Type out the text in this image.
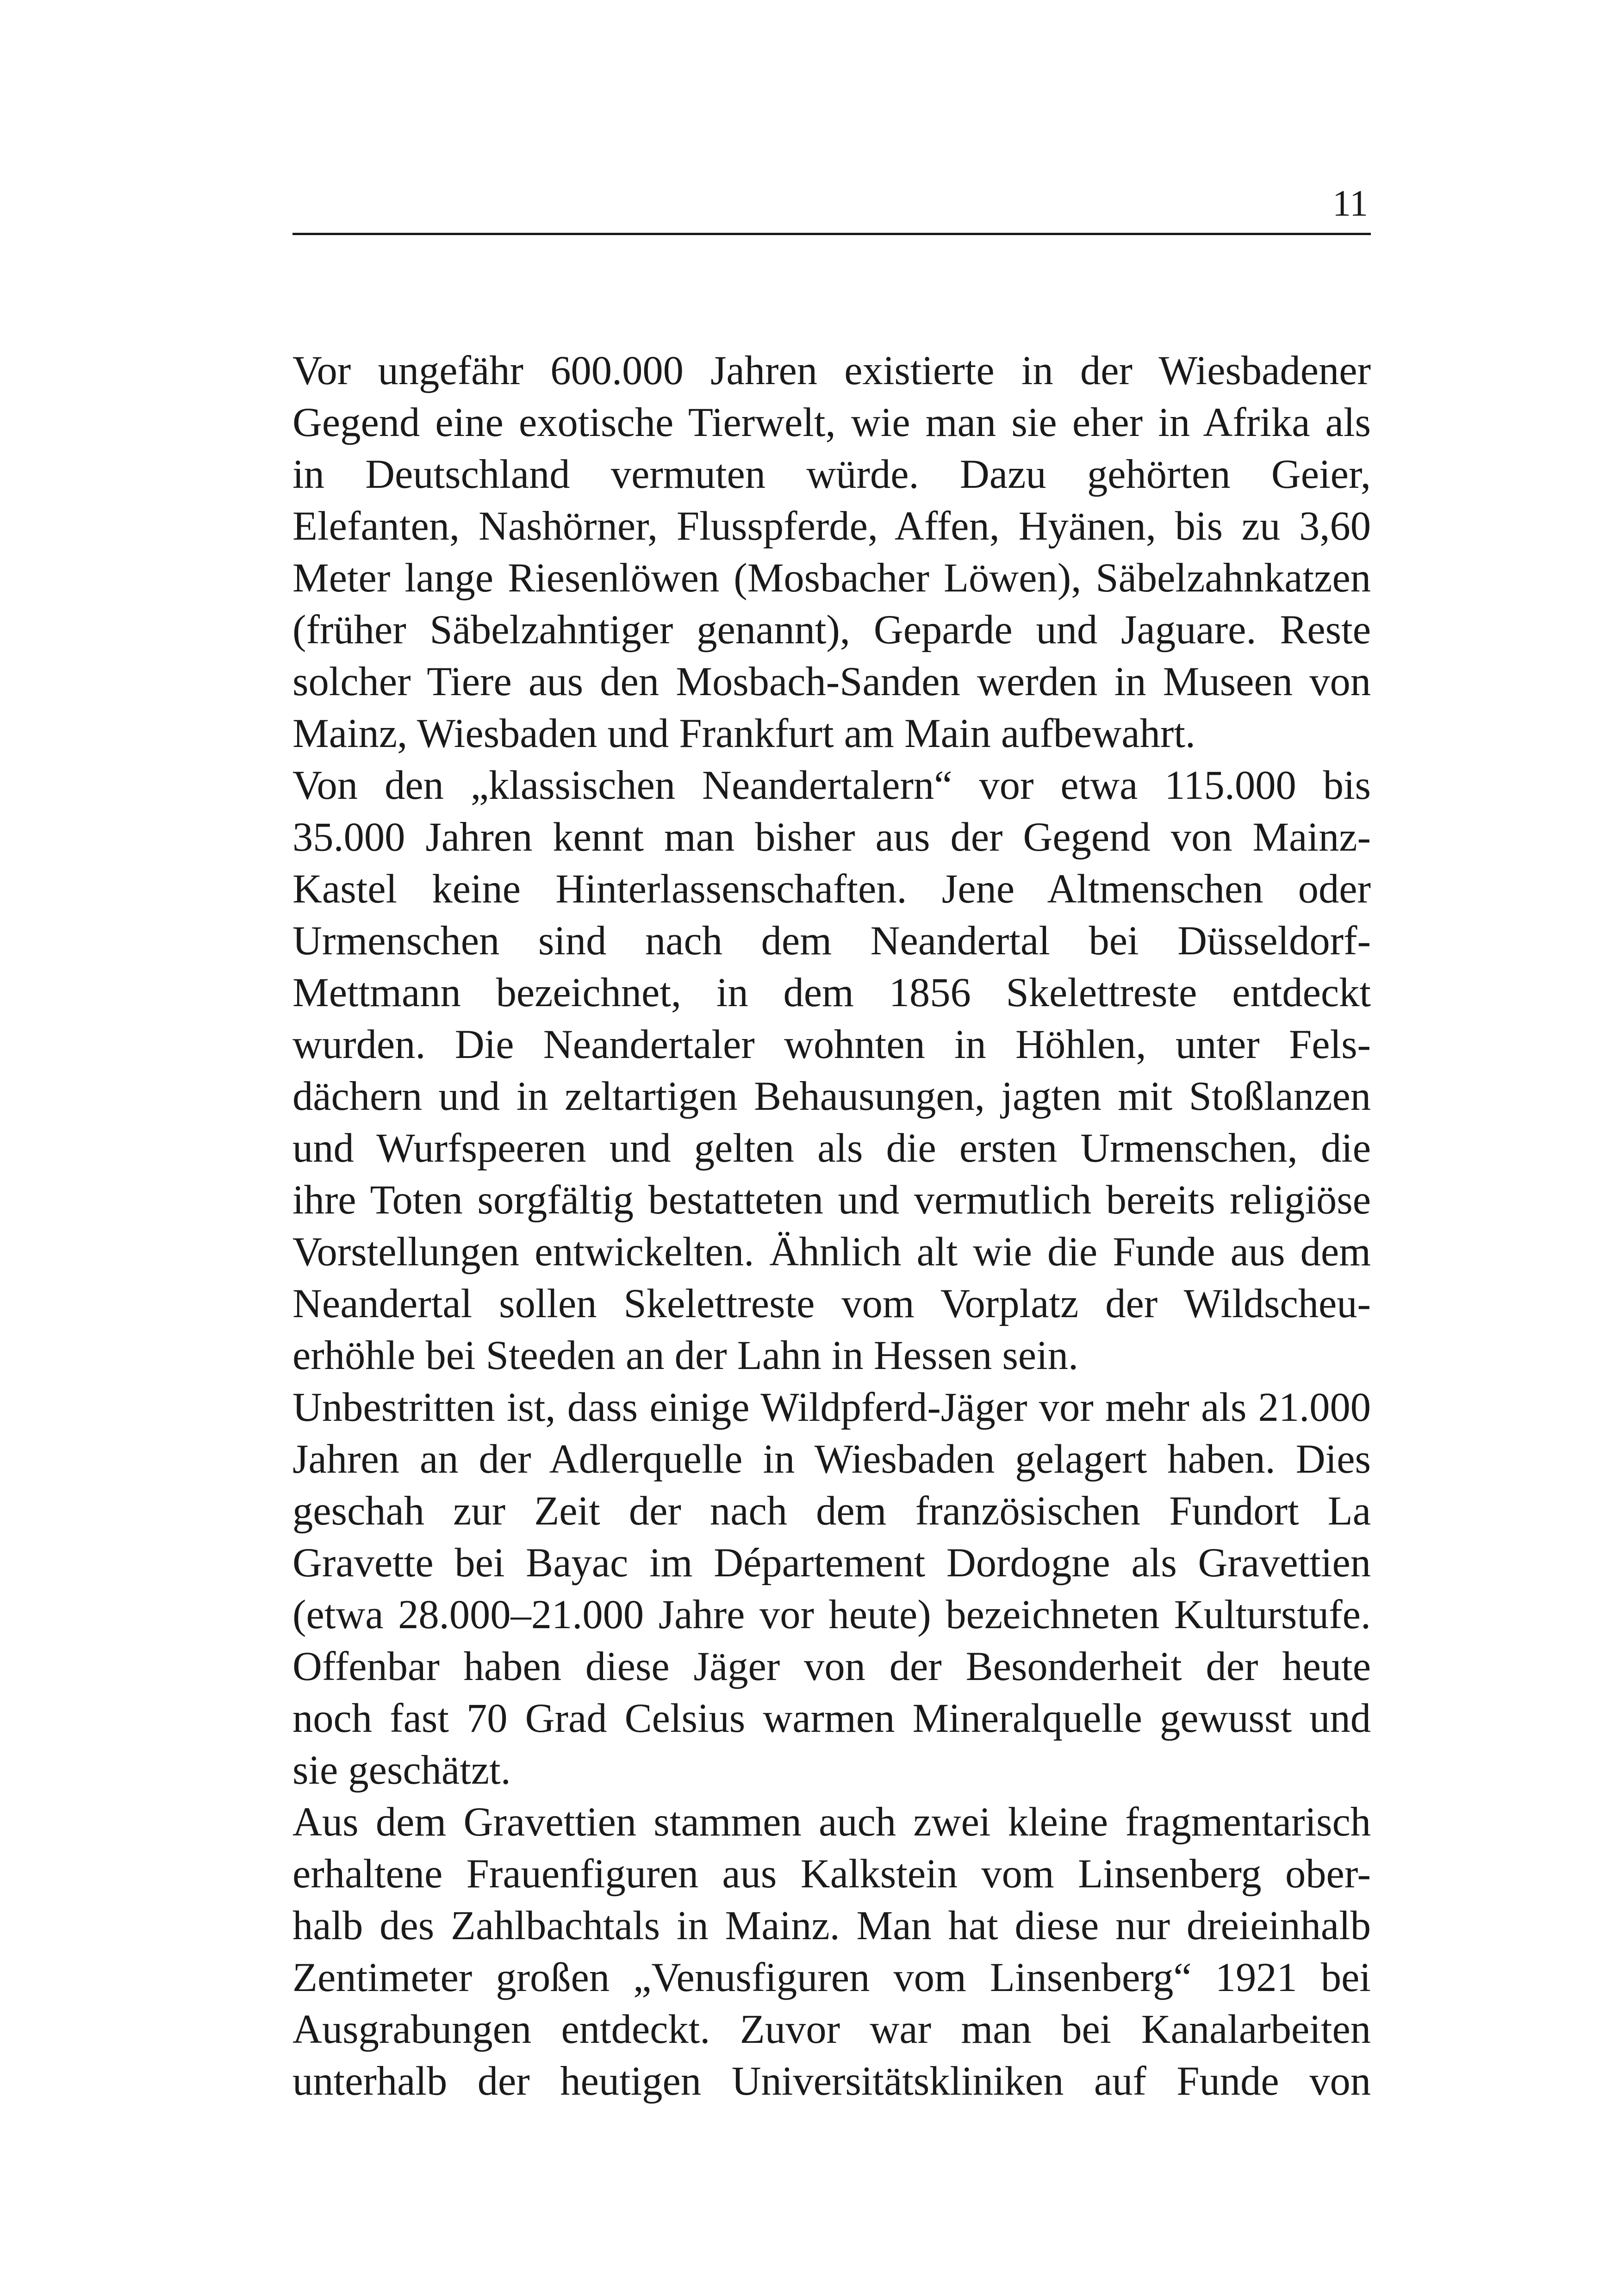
11
Vor ungefähr 600.000 Jahren existierte in der Wiesbadener
Gegend eine exotische Tierwelt, wie man sie eher in Afrika als
in Deutschland vermuten würde. Dazu gehörten Geier,
Elefanten, Nashörner, Flusspferde, Affen, Hyänen, bis zu 3,60
Meter lange Riesenlöwen (Mosbacher Löwen), Säbelzahnkatzen
(früher Säbelzahntiger genannt), Geparde und Jaguare. Reste
solcher Tiere aus den Mosbach-Sanden werden in Museen von
Mainz, Wiesbaden und Frankfurt am Main aufbewahrt.
Von den „klassischen Neandertalern“ vor etwa 115.000 bis
35.000 Jahren kennt man bisher aus der Gegend von Mainz-
Kastel keine Hinterlassenschaften. Jene Altmenschen oder
Urmenschen sind nach dem Neandertal bei Düsseldorf-
Mettmann bezeichnet, in dem 1856 Skelettreste entdeckt
wurden. Die Neandertaler wohnten in Höhlen, unter Fels-
dächern und in zeltartigen Behausungen, jagten mit Stoßlanzen
und Wurfspeeren und gelten als die ersten Urmenschen, die
ihre Toten sorgfältig bestatteten und vermutlich bereits religiöse
Vorstellungen entwickelten. Ähnlich alt wie die Funde aus dem
Neandertal sollen Skelettreste vom Vorplatz der Wildscheu-
erhöhle bei Steeden an der Lahn in Hessen sein.
Unbestritten ist, dass einige Wildpferd-Jäger vor mehr als 21.000
Jahren an der Adlerquelle in Wiesbaden gelagert haben. Dies
geschah zur Zeit der nach dem französischen Fundort La
Gravette bei Bayac im Département Dordogne als Gravettien
(etwa 28.000–21.000 Jahre vor heute) bezeichneten Kulturstufe.
Offenbar haben diese Jäger von der Besonderheit der heute
noch fast 70 Grad Celsius warmen Mineralquelle gewusst und
sie geschätzt.
Aus dem Gravettien stammen auch zwei kleine fragmentarisch
erhaltene Frauenfiguren aus Kalkstein vom Linsenberg ober-
halb des Zahlbachtals in Mainz. Man hat diese nur dreieinhalb
Zentimeter großen „Venusfiguren vom Linsenberg“ 1921 bei
Ausgrabungen entdeckt. Zuvor war man bei Kanalarbeiten
unterhalb der heutigen Universitätskliniken auf Funde von
